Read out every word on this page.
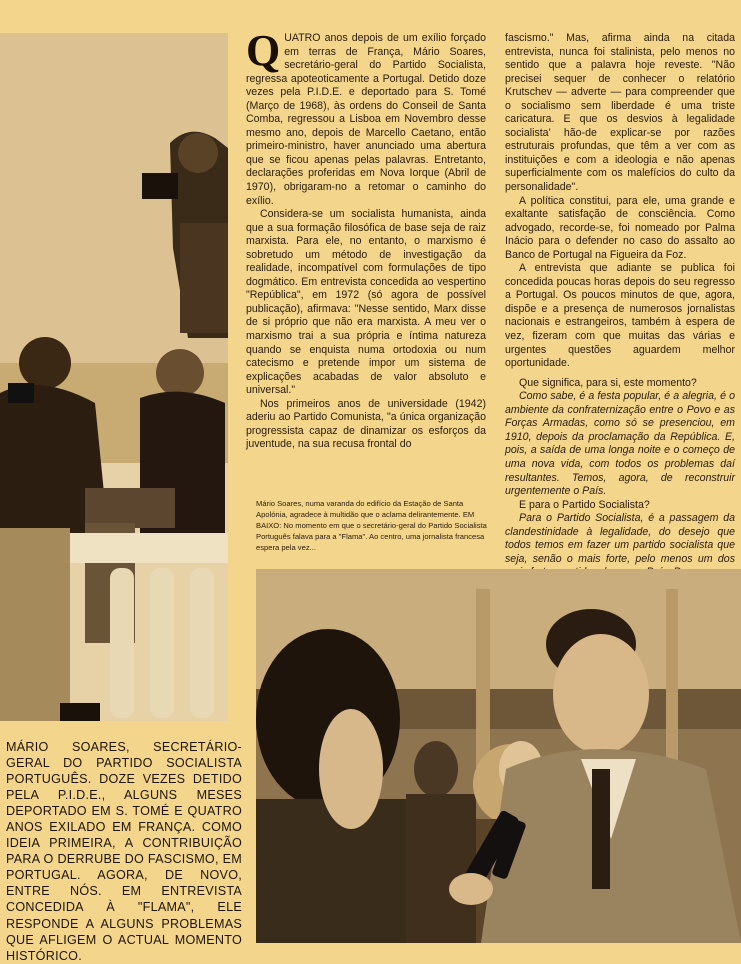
Q UATRO anos depois de um exílio forçado em terras de França, Mário Soares, secretário-geral do Partido Socialista, regressa apoteoticamente a Portugal. Detido doze vezes pela P.I.D.E. e deportado para S. Tomé (Março de 1968), às ordens do Conseil de Santa Comba, regressou a Lisboa em Novembro desse mesmo ano, depois de Marcello Caetano, então primeiro-ministro, haver anunciado uma abertura que se ficou apenas pelas palavras. Entretanto, declarações proferidas em Nova Iorque (Abril de 1970), obrigaram-no a retomar o caminho do exílio.

Considera-se um socialista humanista, ainda que a sua formação filosófica de base seja de raiz marxista. Para ele, no entanto, o marxismo é sobretudo um método de investigação da realidade, incompatível com formulações de tipo dogmático. Em entrevista concedida ao vespertino "República", em 1972 (só agora de possível publicação), afirmava: "Nesse sentido, Marx disse de si próprio que não era marxista. A meu ver o marxismo trai a sua própria e íntima natureza quando se enquista numa ortodoxia ou num catecismo e pretende impor um sistema de explicações acabadas de valor absoluto e universal."

Nos primeiros anos de universidade (1942) aderiu ao Partido Comunista, "a única organização progressista capaz de dinamizar os esforços da juventude, na sua recusa frontal do

fascismo." Mas, afirma ainda na citada entrevista, nunca foi stalinista, pelo menos no sentido que a palavra hoje reveste. "Não precisei sequer de conhecer o relatório Krutschev — adverte — para compreender que o socialismo sem liberdade é uma triste caricatura. E que os desvios à legalidade socialista' hão-de explicar-se por razões estruturais profundas, que têm a ver com as instituições e com a ideologia e não apenas superficialmente com os malefícios do culto da personalidade".

A política constitui, para ele, uma grande e exaltante satisfação de consciência. Como advogado, recorde-se, foi nomeado por Palma Inácio para o defender no caso do assalto ao Banco de Portugal na Figueira da Foz.

A entrevista que adiante se publica foi concedida poucas horas depois do seu regresso a Portugal. Os poucos minutos de que, agora, dispõe e a presença de numerosos jornalistas nacionais e estrangeiros, também à espera de vez, fizeram com que muitas das várias e urgentes questões aguardem melhor oportunidade.

Que significa, para si, este momento?

Como sabe, é a festa popular, é a alegria, é o ambiente da confraternização entre o Povo e as Forças Armadas, como só se presenciou, em 1910, depois da proclamação da República. E, pois, a saída de uma longa noite e o começo de uma nova vida, com todos os problemas daí resultantes. Temos, agora, de reconstruir urgentemente o País.

E para o Partido Socialista?

Para o Partido Socialista, é a passagem da clandestinidade à legalidade, do desejo que todos temos em fazer um partido socialista que seja, senão o mais forte, pelo menos um dos

Mário Soares, numa varanda do edifício da Estação de Santa Apolónia, agradece à multidão que o aclama delirantemente. EM BAIXO: No momento em que o secretário-geral do Partido Socialista Português falava para a "Flama". Ao centro, uma jornalista francesa espera pela vez...
MÁRIO SOARES, SECRETÁRIO-GERAL DO PARTIDO SOCIALISTA PORTUGUÊS. DOZE VEZES DETIDO PELA P.I.D.E., ALGUNS MESES DEPORTADO EM S. TOMÉ E QUATRO ANOS EXILADO EM FRANÇA. COMO IDEIA PRIMEIRA, A CONTRIBUIÇÃO PARA O DERRUBE DO FASCISMO, EM PORTUGAL. AGORA, DE NOVO, ENTRE NÓS. EM ENTREVISTA CONCEDIDA À "FLAMA", ELE RESPONDE A ALGUNS PROBLEMAS QUE AFLIGEM O ACTUAL MOMENTO HISTÓRICO.
